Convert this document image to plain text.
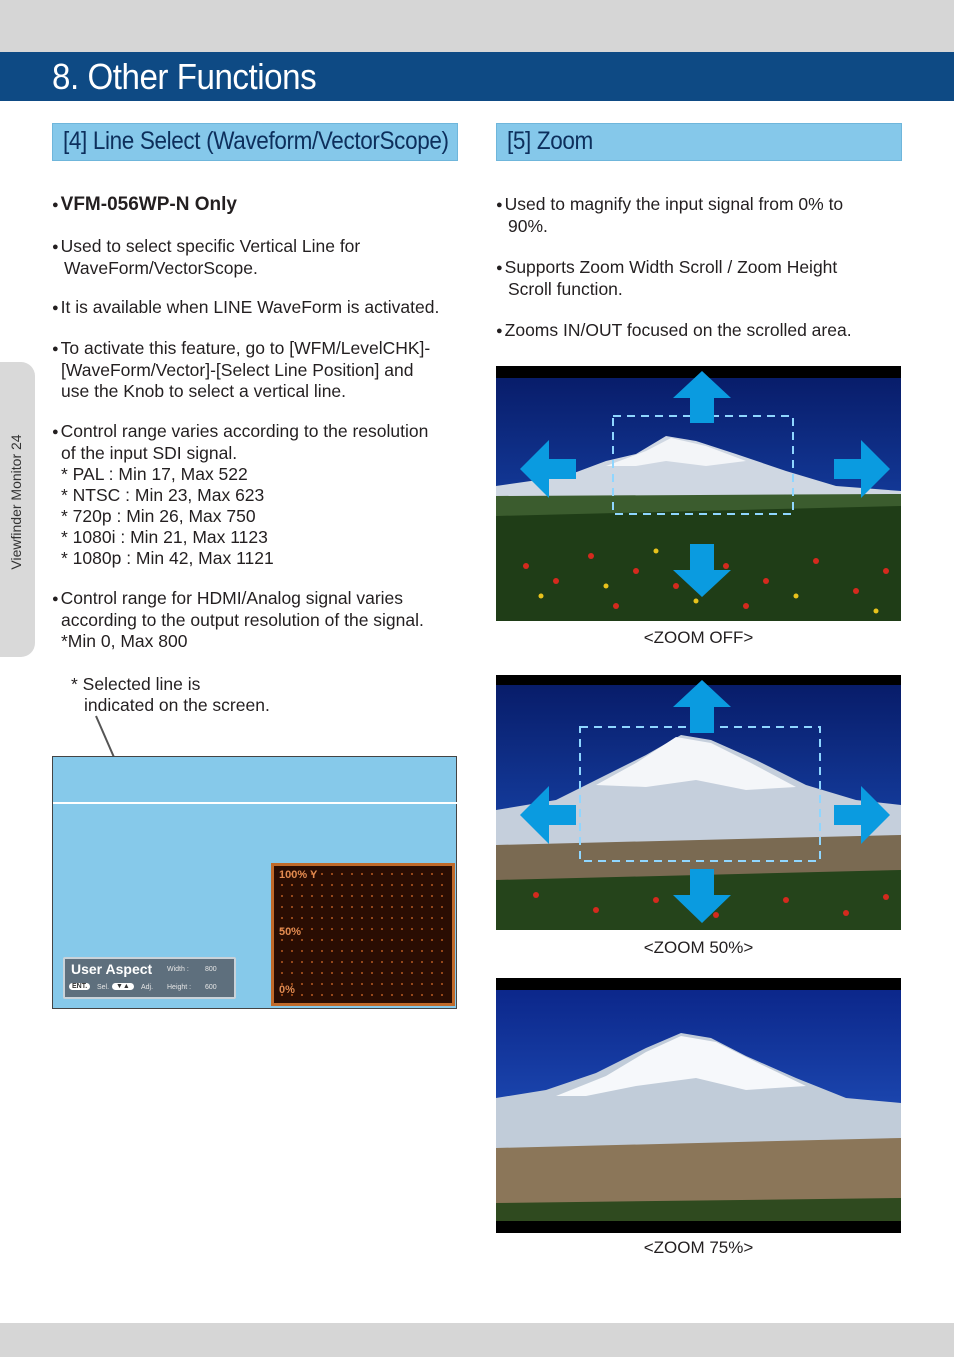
8. Other Functions
Viewfinder Monitor 24
[4] Line Select (Waveform/VectorScope)
● VFM-056WP-N Only
● Used to select specific Vertical Line for
WaveForm/VectorScope.
● It is available when LINE WaveForm is activated.
● To activate this feature, go to [WFM/LevelCHK]-
[WaveForm/Vector]-[Select Line Position] and
use the Knob to select a vertical line.
● Control range varies according to the resolution
of the input SDI signal.
* PAL : Min 17, Max 522
* NTSC : Min 23, Max 623
* 720p : Min 26, Max 750
* 1080i : Min 21, Max 1123
* 1080p : Min 42, Max 1121
● Control range for HDMI/Analog signal varies
according to the output resolution of the signal.
*Min 0, Max 800
* Selected line is
indicated on the screen.
User Aspect Width : 800
Height : 600
ENT.	Sel. ▼▲	Adj.
100% Y
50%
0%
[5] Zoom
● Used to magnify the input signal from 0% to
90%.
● Supports Zoom Width Scroll / Zoom Height
Scroll function.
● Zooms IN/OUT focused on the scrolled area.
<ZOOM OFF>
<ZOOM 50%>
<ZOOM 75%>
